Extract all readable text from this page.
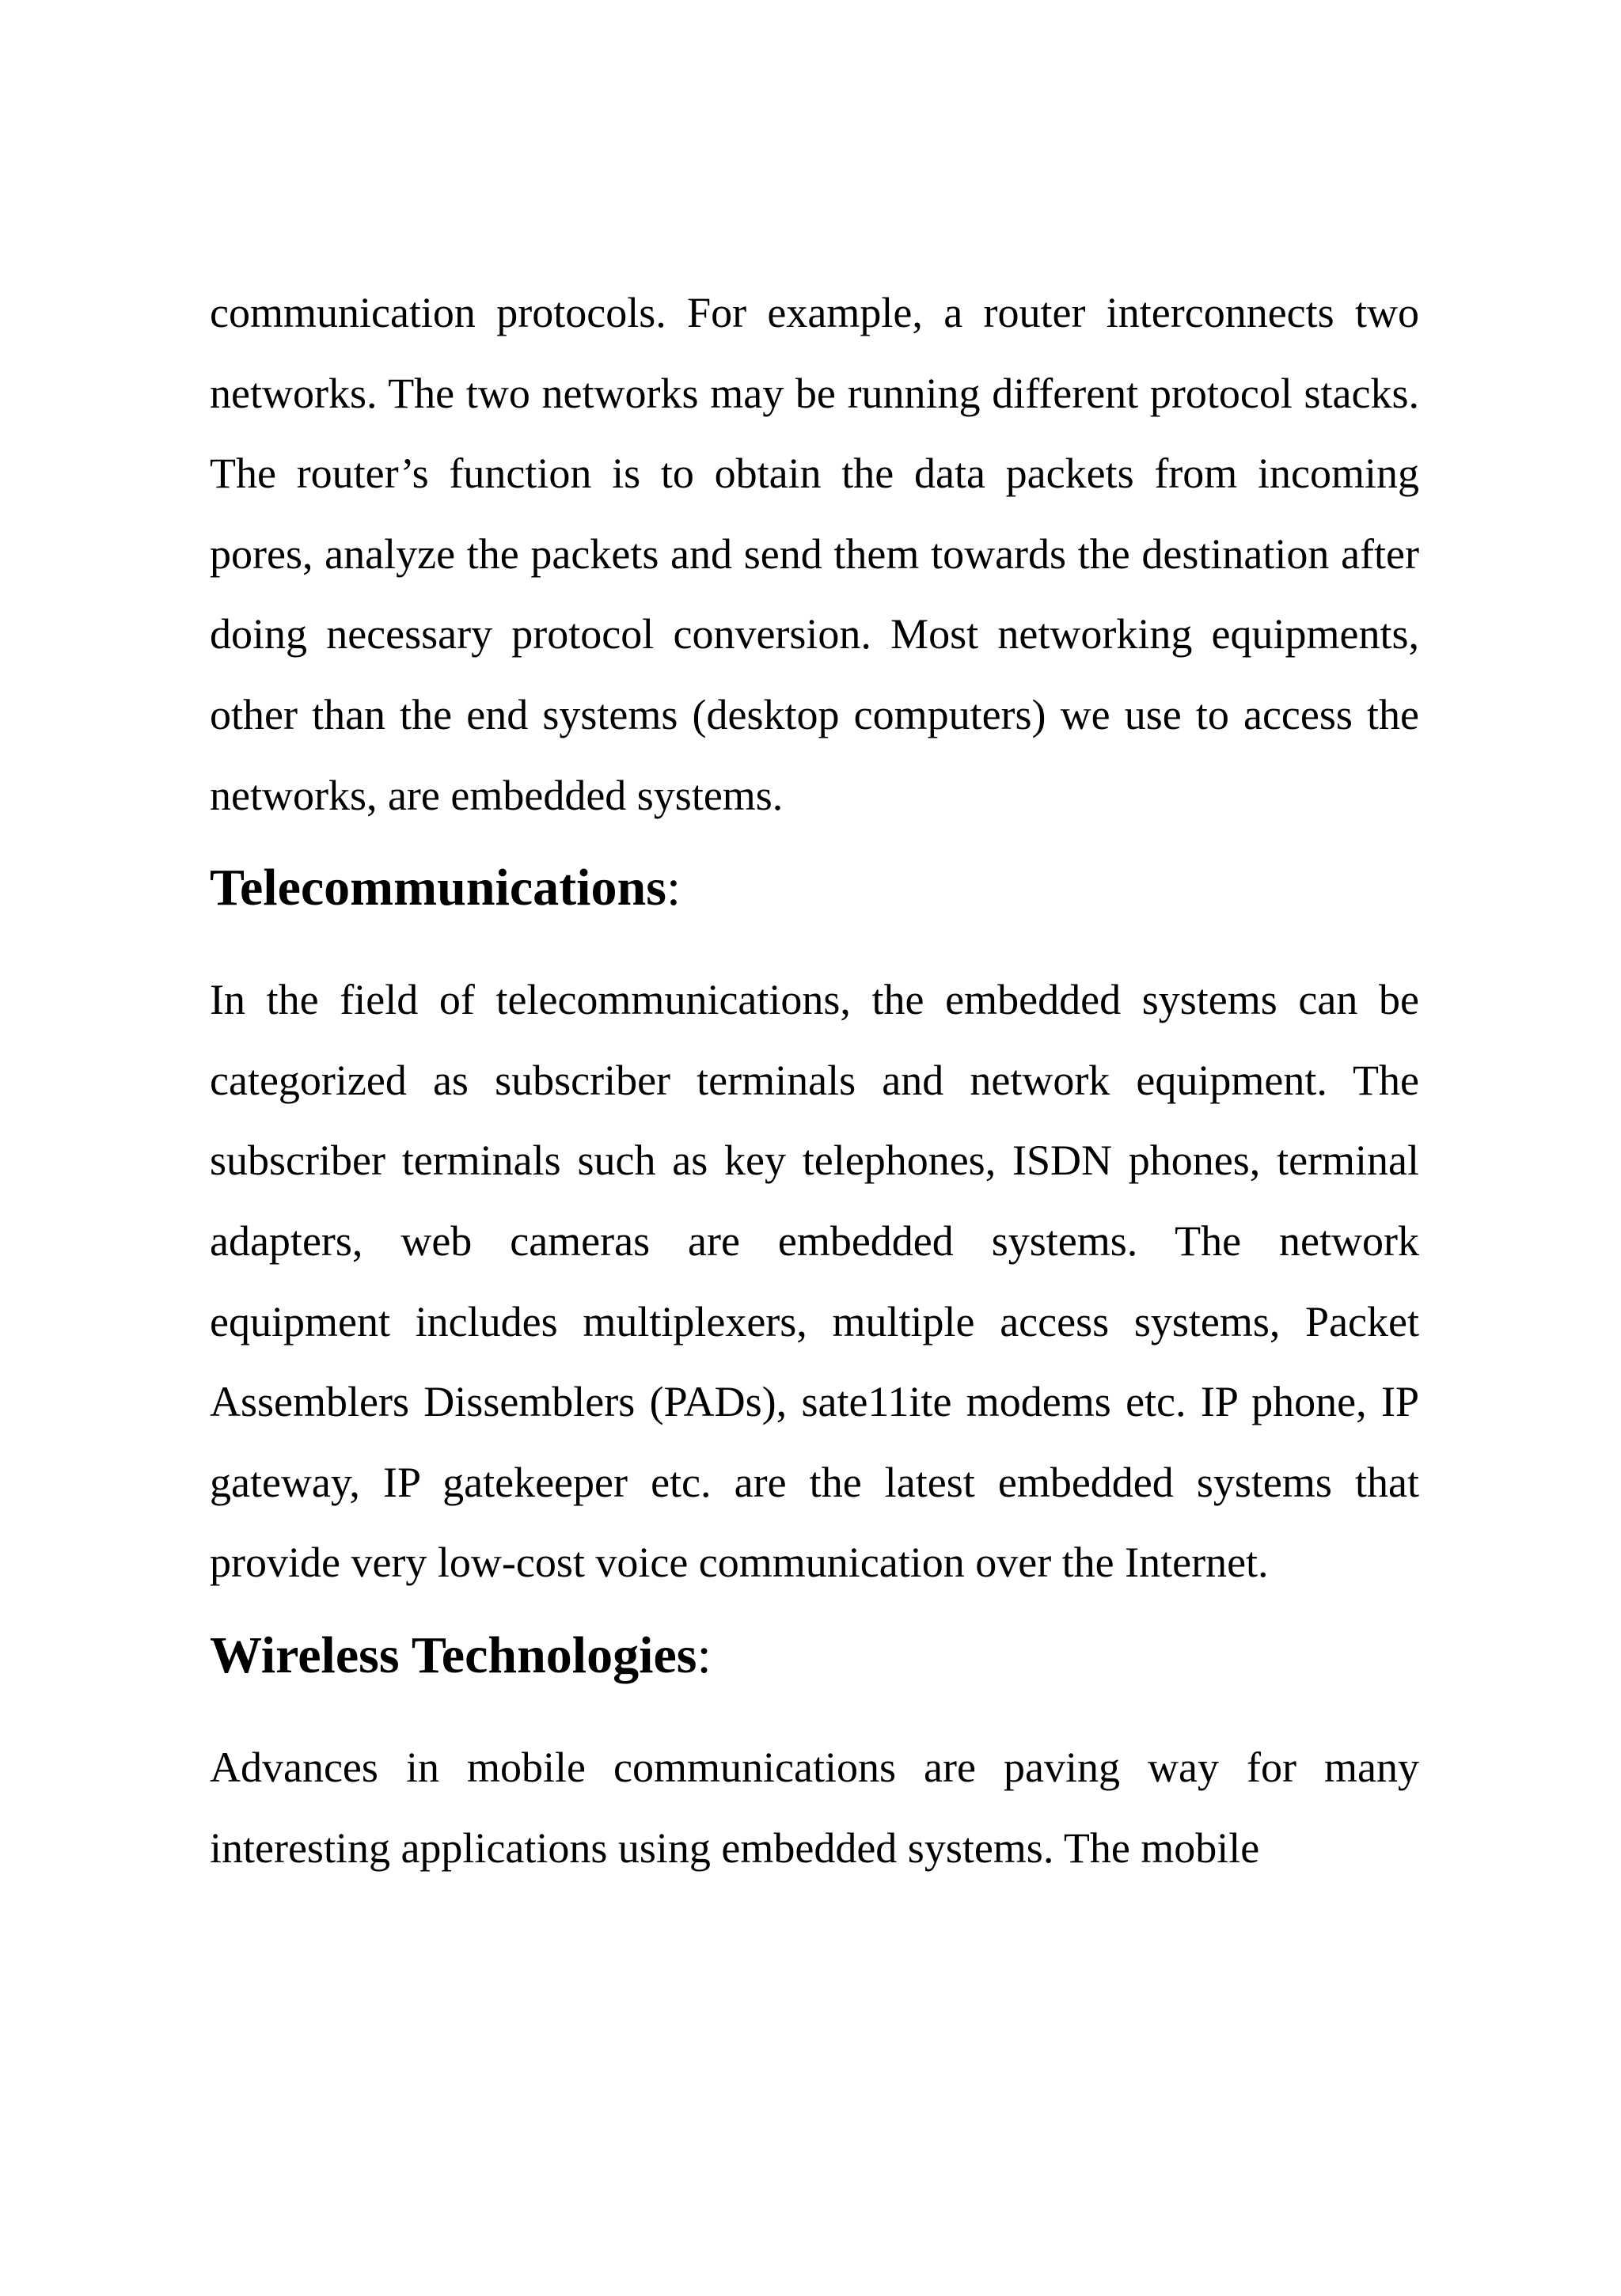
communication protocols. For example, a router interconnects two networks. The two networks may be running different protocol stacks. The router’s function is to obtain the data packets from incoming pores, analyze the packets and send them towards the destination after doing necessary protocol conversion. Most networking equipments, other than the end systems (desktop computers) we use to access the networks, are embedded systems.

Telecommunications:

In the field of telecommunications, the embedded systems can be categorized as subscriber terminals and network equipment. The subscriber terminals such as key telephones, ISDN phones, terminal adapters, web cameras are embedded systems. The network equipment includes multiplexers, multiple access systems, Packet Assemblers Dissemblers (PADs), sate11ite modems etc. IP phone, IP gateway, IP gatekeeper etc. are the latest embedded systems that provide very low-cost voice communication over the Internet.

Wireless Technologies:

Advances in mobile communications are paving way for many interesting applications using embedded systems. The mobile
